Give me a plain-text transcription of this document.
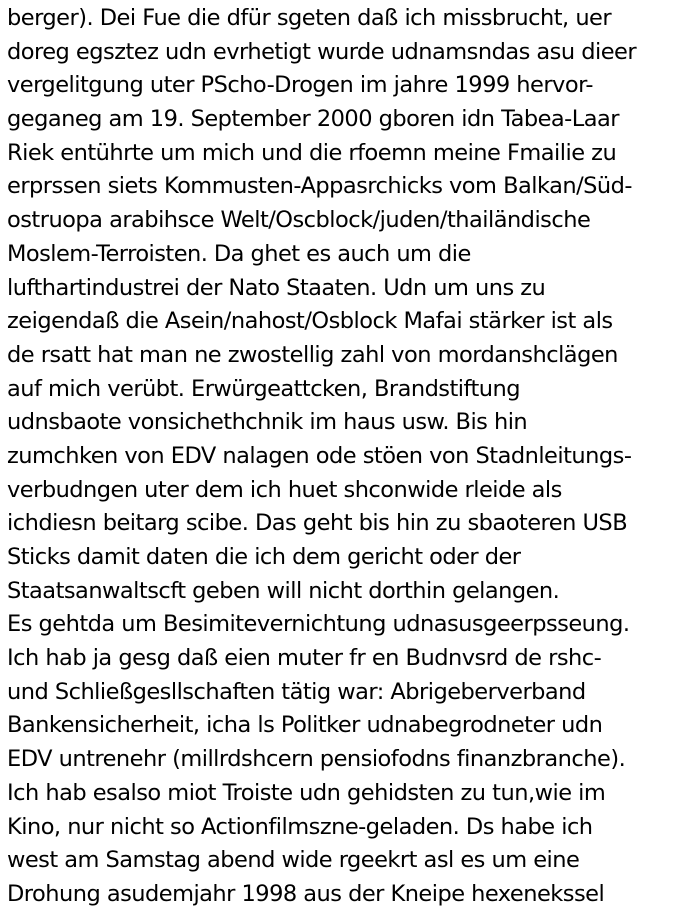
berger). Dei Fue die dfür sgeten daß ich missbrucht, uer
doreg egsztez udn evrhetigt wurde udnamsndas asu dieer
vergelitgung uter PScho-Drogen im jahre 1999 hervor-
geganeg am 19. September 2000 gboren idn Tabea-Laar
Riek entührte um mich und die rfoemn meine Fmailie zu
erprssen siets Kommusten-Appasrchicks vom Balkan/Süd-
ostruopa arabihsce Welt/Oscblock/juden/thailändische
Moslem-Terroisten. Da ghet es auch um die
lufthartindustrei der Nato Staaten. Udn um uns zu
zeigendaß die Asein/nahost/Osblock Mafai stärker ist als
de rsatt hat man ne zwostellig zahl von mordanshclägen
auf mich verübt. Erwürgeattcken, Brandstiftung
udnsbaote vonsichethchnik im haus usw. Bis hin
zumchken von EDV nalagen ode stöen von Stadnleitungs-
verbudngen uter dem ich huet shconwide rleide als
ichdiesn beitarg scibe. Das geht bis hin zu sbaoteren USB
Sticks damit daten die ich dem gericht oder der
Staatsanwaltscft geben will nicht dorthin gelangen.
Es gehtda um Besimitevernichtung udnasusgeerpsseung.
Ich hab ja gesg daß eien muter fr en Budnvsrd de rshc-
und Schließgesllschaften tätig war: Abrigeberverband
Bankensicherheit, icha ls Politker udnabegrodneter udn
EDV untrenehr (millrdshcern pensiofodns finanzbranche).
Ich hab esalso miot Troiste udn gehidsten zu tun,wie im
Kino, nur nicht so Actionfilmszne-geladen. Ds habe ich
west am Samstag abend wide rgeekrt asl es um eine
Drohung asudemjahr 1998 aus der Kneipe hexenekssel
